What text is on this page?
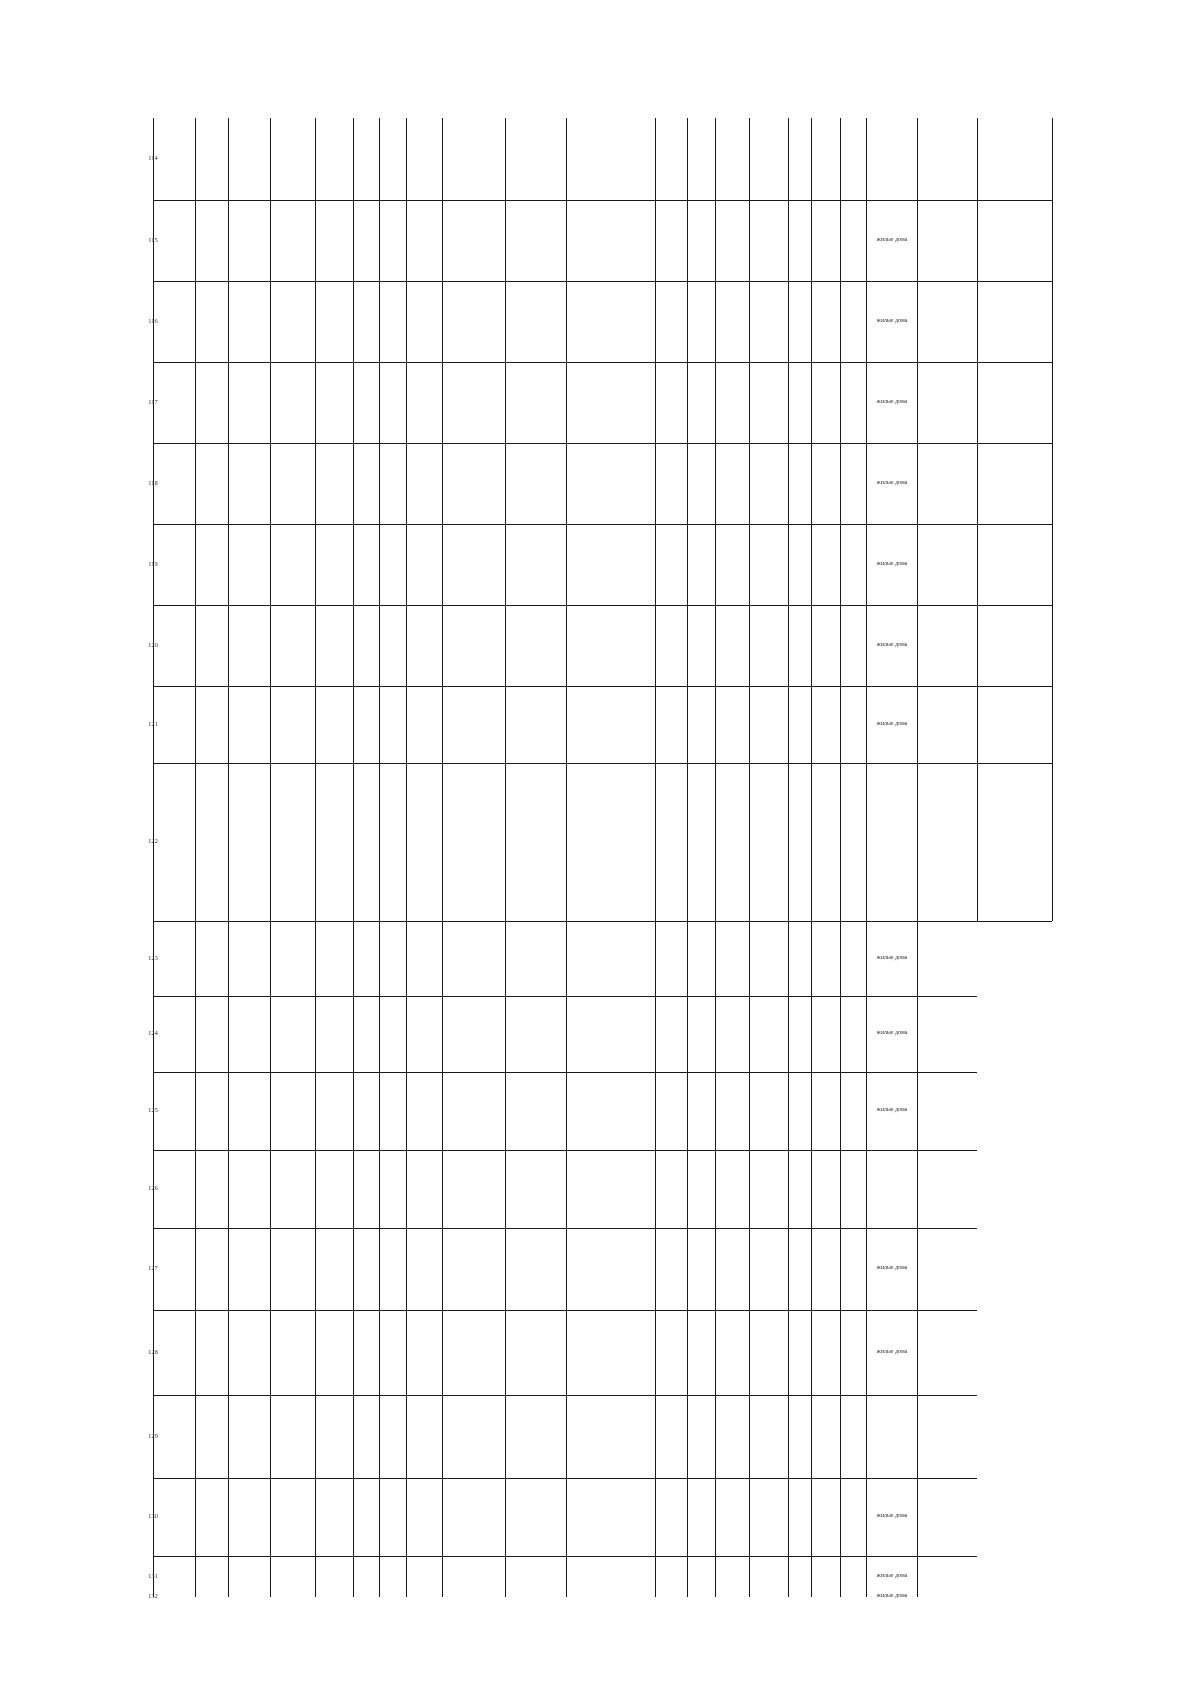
114
115	жилые дома
116	жилые дома
117	жилые дома
118	жилые дома
119	жилые дома
120	жилые дома
121	жилые дома
122
123	жилые дома
124	жилые дома
125	жилые дома
126
127	жилые дома
128	жилые дома
129
130	жилые дома
131	жилые дома
132	жилые дома
